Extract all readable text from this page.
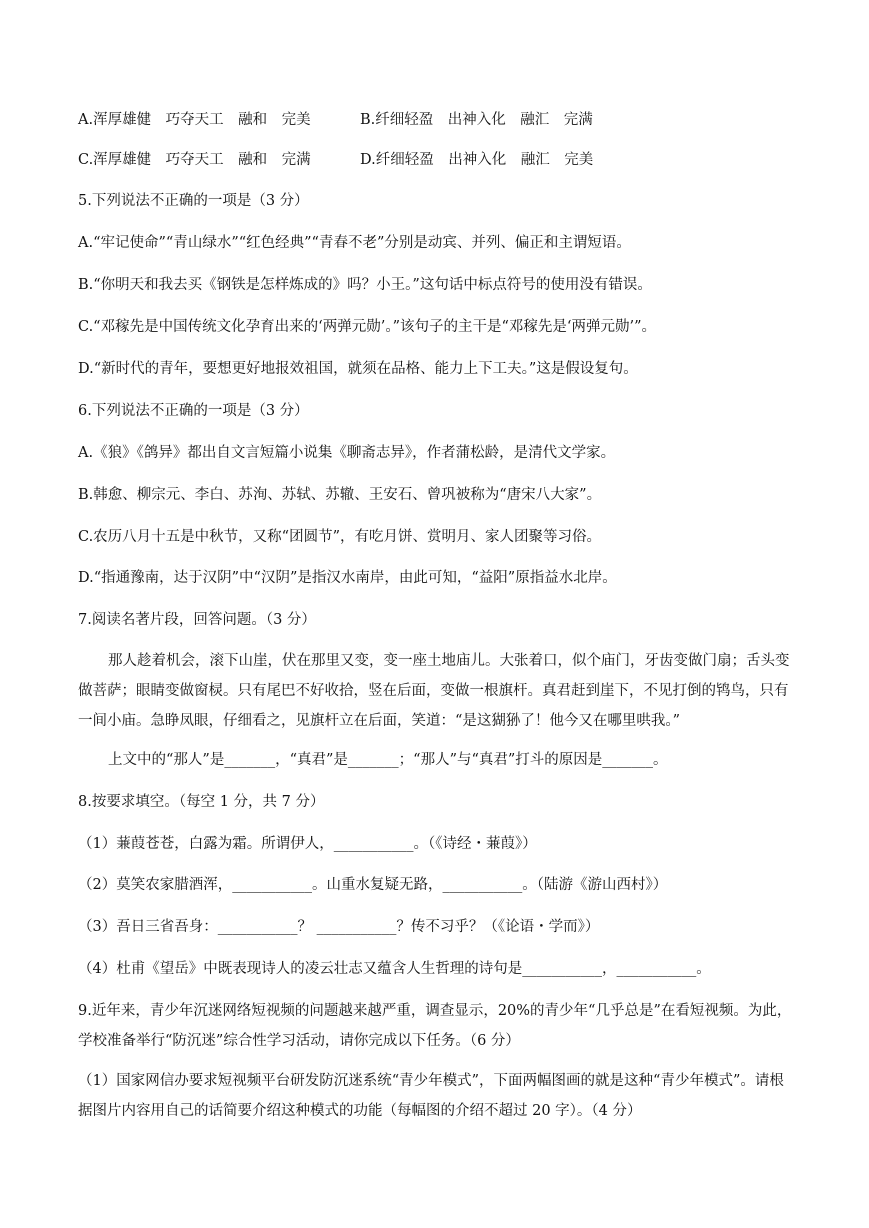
A.浑厚雄健　巧夺天工　融和　完美	B.纤细轻盈　出神入化　融汇　完满
C.浑厚雄健　巧夺天工　融和　完满	D.纤细轻盈　出神入化　融汇　完美
5.下列说法不正确的一项是（3 分）
A.“牢记使命”“青山绿水”“红色经典”“青春不老”分别是动宾、并列、偏正和主谓短语。
B.“你明天和我去买《钢铁是怎样炼成的》吗？小王。”这句话中标点符号的使用没有错误。
C.“邓稼先是中国传统文化孕育出来的‘两弹元勋’。”该句子的主干是“邓稼先是‘两弹元勋’”。
D.“新时代的青年，要想更好地报效祖国，就须在品格、能力上下工夫。”这是假设复句。
6.下列说法不正确的一项是（3 分）
A.《狼》《鸽异》都出自文言短篇小说集《聊斋志异》，作者蒲松龄，是清代文学家。
B.韩愈、柳宗元、李白、苏洵、苏轼、苏辙、王安石、曾巩被称为“唐宋八大家”。
C.农历八月十五是中秋节，又称“团圆节”，有吃月饼、赏明月、家人团聚等习俗。
D.“指通豫南，达于汉阴”中“汉阴”是指汉水南岸，由此可知，“益阳”原指益水北岸。
7.阅读名著片段，回答问题。（3 分）
那人趁着机会，滚下山崖，伏在那里又变，变一座土地庙儿。大张着口，似个庙门，牙齿变做门扇；舌头变做菩萨；眼睛变做窗棂。只有尾巴不好收拾，竖在后面，变做一根旗杆。真君赶到崖下，不见打倒的鸨鸟，只有一间小庙。急睁凤眼，仔细看之，见旗杆立在后面，笑道：“是这猢狲了！他今又在哪里哄我。”
上文中的“那人”是_______，“真君”是_______；“那人”与“真君”打斗的原因是_______。
8.按要求填空。（每空 1 分，共 7 分）
（1）蒹葭苍苍，白露为霜。所谓伊人，___________。（《诗经・蒹葭》）
（2）莫笑农家腊酒浑，___________。山重水复疑无路，___________。（陆游《游山西村》）
（3）吾日三省吾身：___________？ ___________？传不习乎？（《论语・学而》）
（4）杜甫《望岳》中既表现诗人的凌云壮志又蕴含人生哲理的诗句是___________，___________。
9.近年来，青少年沉迷网络短视频的问题越来越严重，调查显示，20%的青少年“几乎总是”在看短视频。为此，学校准备举行“防沉迷”综合性学习活动，请你完成以下任务。（6 分）
（1）国家网信办要求短视频平台研发防沉迷系统“青少年模式”，下面两幅图画的就是这种“青少年模式”。请根据图片内容用自己的话简要介绍这种模式的功能（每幅图的介绍不超过 20 字）。（4 分）
